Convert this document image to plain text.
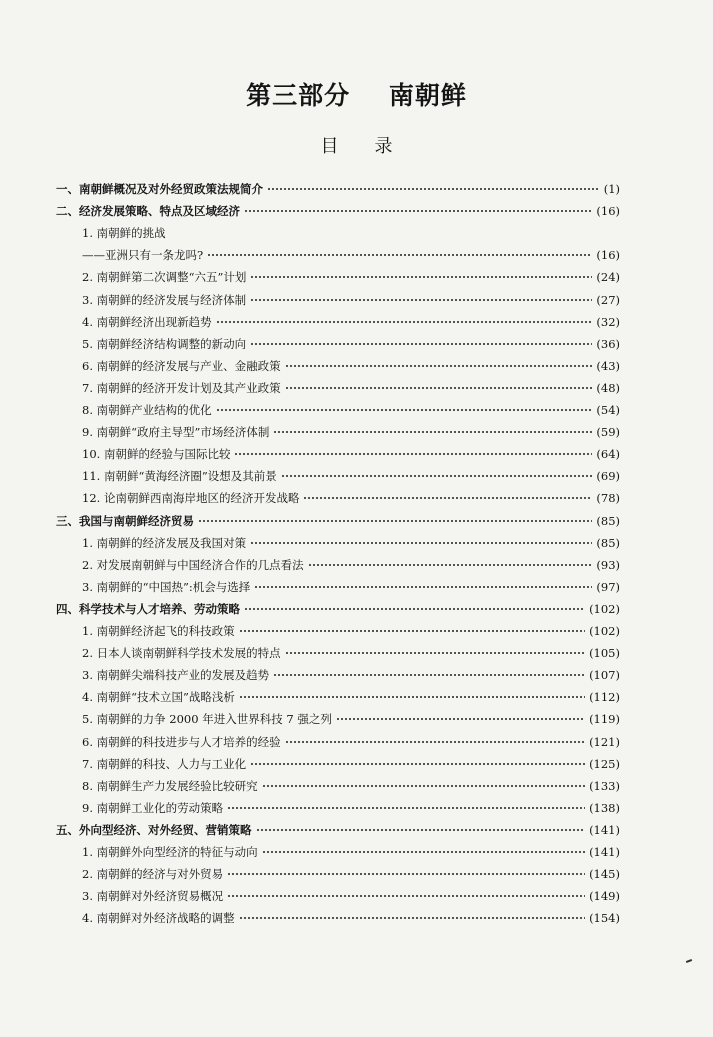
第三部分    南朝鲜
目录
一、南朝鲜概况及对外经贸政策法规简介	(1)
二、经济发展策略、特点及区域经济	(16)
1. 南朝鲜的挑战
——亚洲只有一条龙吗?	(16)
2. 南朝鲜第二次调整“六五”计划	(24)
3. 南朝鲜的经济发展与经济体制	(27)
4. 南朝鲜经济出现新趋势	(32)
5. 南朝鲜经济结构调整的新动向	(36)
6. 南朝鲜的经济发展与产业、金融政策	(43)
7. 南朝鲜的经济开发计划及其产业政策	(48)
8. 南朝鲜产业结构的优化	(54)
9. 南朝鲜“政府主导型”市场经济体制	(59)
10. 南朝鲜的经验与国际比较	(64)
11. 南朝鲜“黄海经济圈”设想及其前景	(69)
12. 论南朝鲜西南海岸地区的经济开发战略	(78)
三、我国与南朝鲜经济贸易	(85)
1. 南朝鲜的经济发展及我国对策	(85)
2. 对发展南朝鲜与中国经济合作的几点看法	(93)
3. 南朝鲜的“中国热”:机会与选择	(97)
四、科学技术与人才培养、劳动策略	(102)
1. 南朝鲜经济起飞的科技政策	(102)
2. 日本人谈南朝鲜科学技术发展的特点	(105)
3. 南朝鲜尖端科技产业的发展及趋势	(107)
4. 南朝鲜“技术立国”战略浅析	(112)
5. 南朝鲜的力争 2000 年进入世界科技 7 强之列	(119)
6. 南朝鲜的科技进步与人才培养的经验	(121)
7. 南朝鲜的科技、人力与工业化	(125)
8. 南朝鲜生产力发展经验比较研究	(133)
9. 南朝鲜工业化的劳动策略	(138)
五、外向型经济、对外经贸、营销策略	(141)
1. 南朝鲜外向型经济的特征与动向	(141)
2. 南朝鲜的经济与对外贸易	(145)
3. 南朝鲜对外经济贸易概况	(149)
4. 南朝鲜对外经济战略的调整	(154)
